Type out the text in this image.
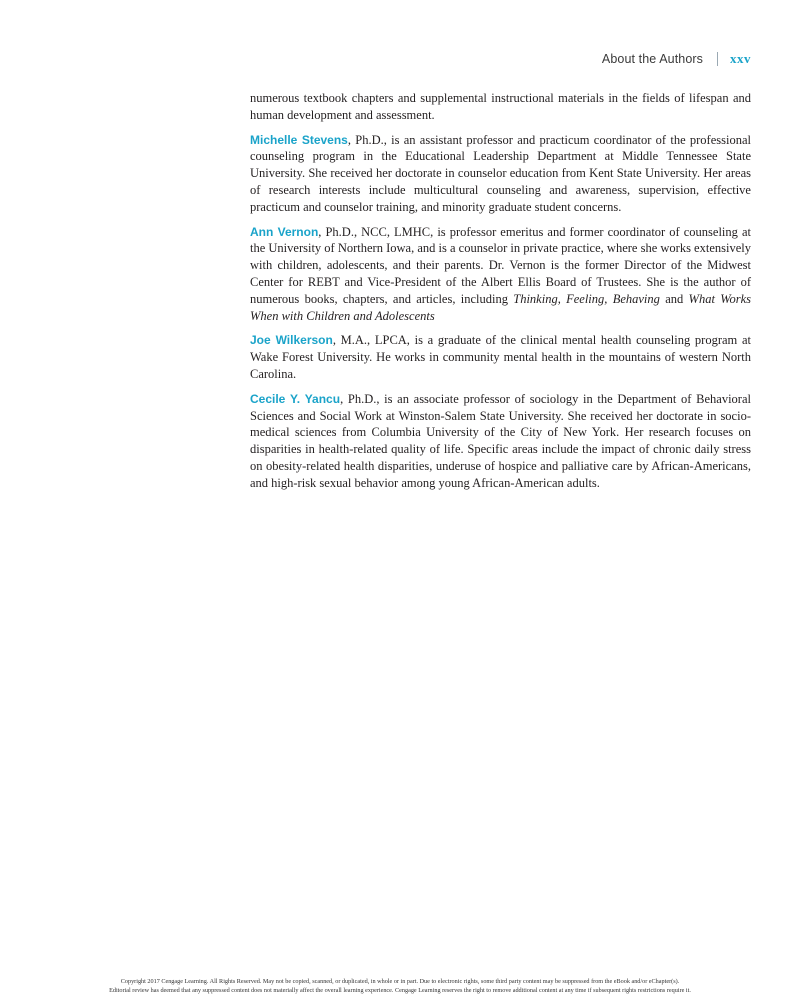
About the Authors xxv

numerous textbook chapters and supplemental instructional materials in the fields of lifespan and human development and assessment.

Michelle Stevens, Ph.D., is an assistant professor and practicum coordinator of the professional counseling program in the Educational Leadership Department at Middle Tennessee State University. She received her doctorate in counselor education from Kent State University. Her areas of research interests include multicultural counseling and awareness, supervision, effective practicum and counselor training, and minority graduate student concerns.

Ann Vernon, Ph.D., NCC, LMHC, is professor emeritus and former coordinator of counseling at the University of Northern Iowa, and is a counselor in private practice, where she works extensively with children, adolescents, and their parents. Dr. Vernon is the former Director of the Midwest Center for REBT and Vice-President of the Albert Ellis Board of Trustees. She is the author of numerous books, chapters, and articles, including Thinking, Feeling, Behaving and What Works When with Children and Adolescents

Joe Wilkerson, M.A., LPCA, is a graduate of the clinical mental health counseling program at Wake Forest University. He works in community mental health in the mountains of western North Carolina.

Cecile Y. Yancu, Ph.D., is an associate professor of sociology in the Department of Behavioral Sciences and Social Work at Winston-Salem State University. She received her doctorate in socio-medical sciences from Columbia University of the City of New York. Her research focuses on disparities in health-related quality of life. Specific areas include the impact of chronic daily stress on obesity-related health disparities, underuse of hospice and palliative care by African-Americans, and high-risk sexual behavior among young African-American adults.

Copyright 2017 Cengage Learning. All Rights Reserved. May not be copied, scanned, or duplicated, in whole or in part. Due to electronic rights, some third party content may be suppressed from the eBook and/or eChapter(s).
Editorial review has deemed that any suppressed content does not materially affect the overall learning experience. Cengage Learning reserves the right to remove additional content at any time if subsequent rights restrictions require it.
